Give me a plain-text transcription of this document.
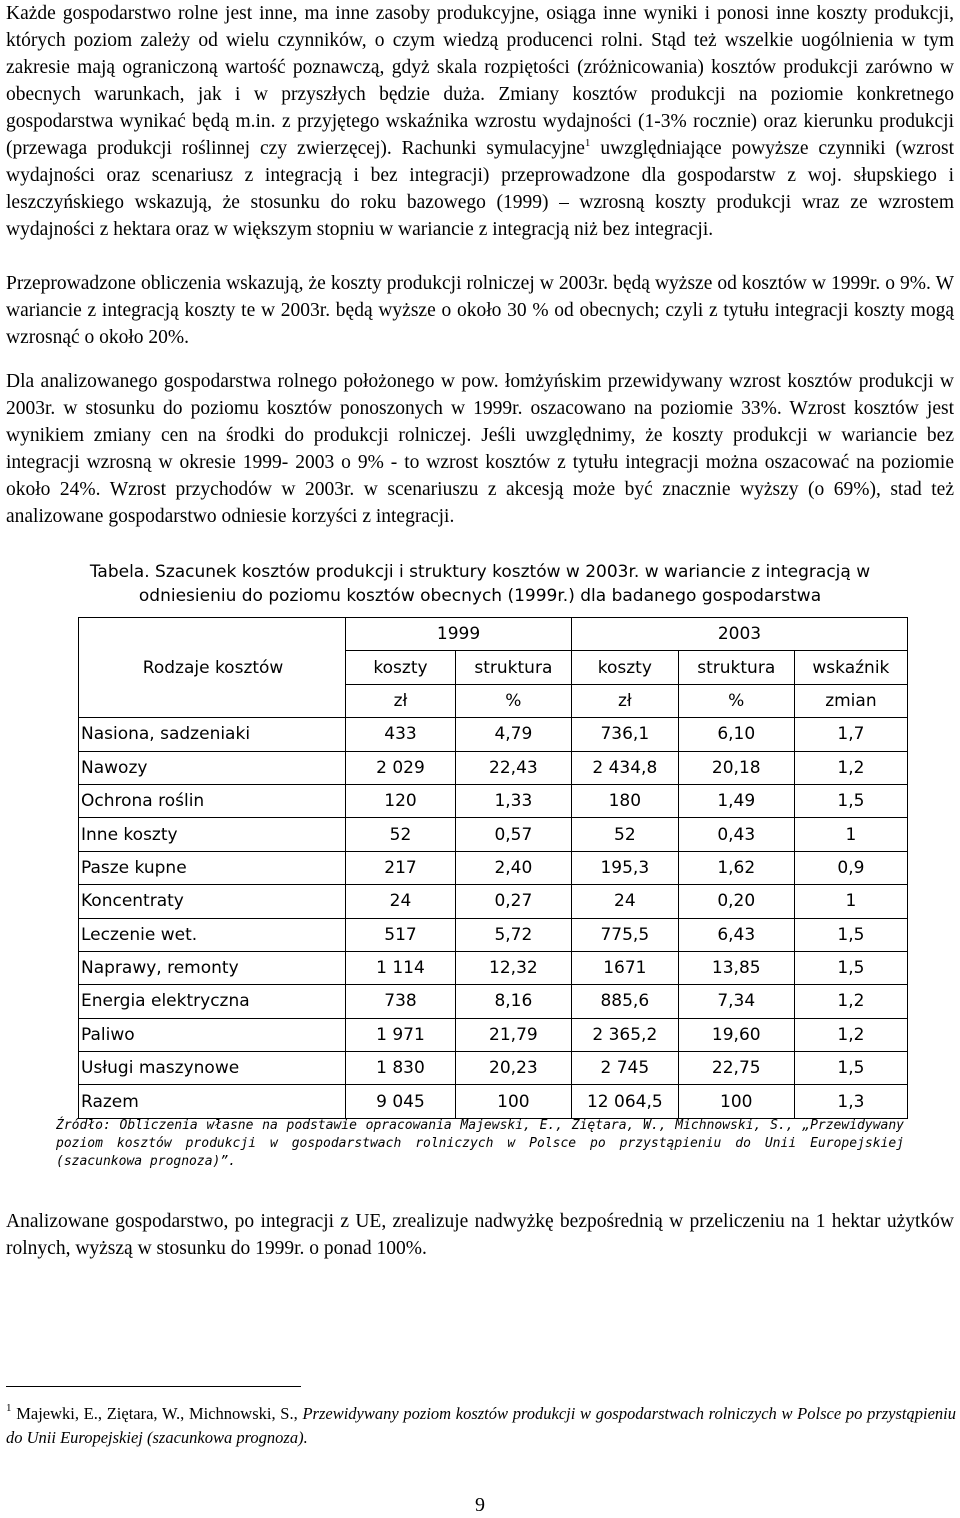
Każde gospodarstwo rolne jest inne, ma inne zasoby produkcyjne, osiąga inne wyniki i ponosi inne koszty produkcji, których poziom zależy od wielu czynników, o czym wiedzą producenci rolni. Stąd też wszelkie uogólnienia w tym zakresie mają ograniczoną wartość poznawczą, gdyż skala rozpiętości (zróżnicowania) kosztów produkcji zarówno w obecnych warunkach, jak i w przyszłych będzie duża. Zmiany kosztów produkcji na poziomie konkretnego gospodarstwa wynikać będą m.in. z przyjętego wskaźnika wzrostu wydajności (1-3% rocznie) oraz kierunku produkcji (przewaga produkcji roślinnej czy zwierzęcej). Rachunki symulacyjne$^1$ uwzględniające powyższe czynniki (wzrost wydajności oraz scenariusz z integracją i bez integracji) przeprowadzone dla gospodarstw z woj. słupskiego i leszczyńskiego wskazują, że stosunku do roku bazowego (1999) – wzrosną koszty produkcji wraz ze wzrostem wydajności z hektara oraz w większym stopniu w wariancie z integracją niż bez integracji.

Przeprowadzone obliczenia wskazują, że koszty produkcji rolniczej w 2003r. będą wyższe od kosztów w 1999r. o 9%. W wariancie z integracją koszty te w 2003r. będą wyższe o około 30 % od obecnych; czyli z tytułu integracji koszty mogą wzrosnąć o około 20%.

Dla analizowanego gospodarstwa rolnego położonego w pow. łomżyńskim przewidywany wzrost kosztów produkcji w 2003r. w stosunku do poziomu kosztów ponoszonych w 1999r. oszacowano na poziomie 33%. Wzrost kosztów jest wynikiem zmiany cen na środki do produkcji rolniczej. Jeśli uwzględnimy, że koszty produkcji w wariancie bez integracji wzrosną w okresie 1999- 2003 o 9% - to wzrost kosztów z tytułu integracji można oszacować na poziomie około 24%. Wzrost przychodów w 2003r. w scenariuszu z akcesją może być znacznie wyższy (o 69%), stad też analizowane gospodarstwo odniesie korzyści z integracji.

Tabela. Szacunek kosztów produkcji i struktury kosztów w 2003r. w wariancie z integracją w odniesieniu do poziomu kosztów obecnych (1999r.) dla badanego gospodarstwa

Rodzaje kosztów	1999		2003		
	koszty	struktura	koszty	struktura	wskaźnik
	zł	%	zł	%	zmian
Nasiona, sadzeniaki	433	4,79	736,1	6,10	1,7
Nawozy	2 029	22,43	2 434,8	20,18	1,2
Ochrona roślin	120	1,33	180	1,49	1,5
Inne koszty	52	0,57	52	0,43	1
Pasze kupne	217	2,40	195,3	1,62	0,9
Koncentraty	24	0,27	24	0,20	1
Leczenie wet.	517	5,72	775,5	6,43	1,5
Naprawy, remonty	1 114	12,32	1671	13,85	1,5
Energia elektryczna	738	8,16	885,6	7,34	1,2
Paliwo	1 971	21,79	2 365,2	19,60	1,2
Usługi maszynowe	1 830	20,23	2 745	22,75	1,5
Razem	9 045	100	12 064,5	100	1,3

Źródło: Obliczenia własne na podstawie opracowania Majewski, E., Ziętara, W., Michnowski, S., „Przewidywany poziom kosztów produkcji w gospodarstwach rolniczych w Polsce po przystąpieniu do Unii Europejskiej (szacunkowa prognoza)”.

Analizowane gospodarstwo, po integracji z UE, zrealizuje nadwyżkę bezpośrednią w przeliczeniu na 1 hektar użytków rolnych, wyższą w stosunku do 1999r. o ponad 100%.

$^1$ Majewki, E., Ziętara, W., Michnowski, S., Przewidywany poziom kosztów produkcji w gospodarstwach rolniczych w Polsce po przystąpieniu do Unii Europejskiej (szacunkowa prognoza).

9
